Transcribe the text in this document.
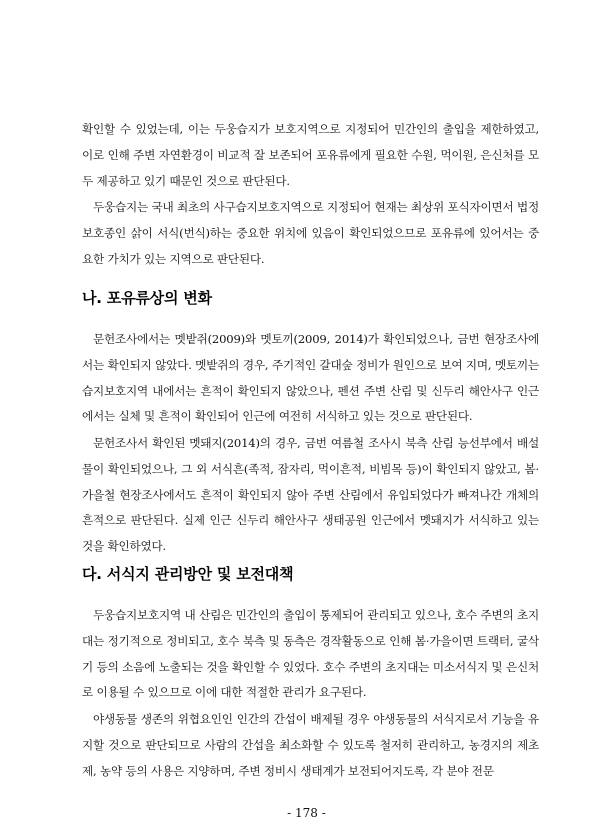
확인할 수 있었는데, 이는 두웅습지가 보호지역으로 지정되어 민간인의 출입을 제한하였고, 이로 인해 주변 자연환경이 비교적 잘 보존되어 포유류에게 필요한 수원, 먹이원, 은신처를 모두 제공하고 있기 때문인 것으로 판단된다.

두웅습지는 국내 최초의 사구습지보호지역으로 지정되어 현재는 최상위 포식자이면서 법정보호종인 삵이 서식(번식)하는 중요한 위치에 있음이 확인되었으므로 포유류에 있어서는 중요한 가치가 있는 지역으로 판단된다.

나. 포유류상의 변화

문헌조사에서는 멧밭쥐(2009)와 멧토끼(2009, 2014)가 확인되었으나, 금번 현장조사에서는 확인되지 않았다. 멧밭쥐의 경우, 주기적인 갈대숲 정비가 원인으로 보여 지며, 멧토끼는 습지보호지역 내에서는 흔적이 확인되지 않았으나, 펜션 주변 산림 및 신두리 해안사구 인근에서는 실체 및 흔적이 확인되어 인근에 여전히 서식하고 있는 것으로 판단된다.

문헌조사서 확인된 멧돼지(2014)의 경우, 금번 여름철 조사시 북측 산림 능선부에서 배설물이 확인되었으나, 그 외 서식흔(족적, 잠자리, 먹이흔적, 비빔목 등)이 확인되지 않았고, 봄·가을철 현장조사에서도 흔적이 확인되지 않아 주변 산림에서 유입되었다가 빠져나간 개체의 흔적으로 판단된다. 실제 인근 신두리 해안사구 생태공원 인근에서 멧돼지가 서식하고 있는 것을 확인하였다.

다. 서식지 관리방안 및 보전대책

두웅습지보호지역 내 산림은 민간인의 출입이 통제되어 관리되고 있으나, 호수 주변의 초지대는 정기적으로 정비되고, 호수 북측 및 동측은 경작활동으로 인해 봄·가을이면 트랙터, 굴삭기 등의 소음에 노출되는 것을 확인할 수 있었다. 호수 주변의 초지대는 미소서식지 및 은신처로 이용될 수 있으므로 이에 대한 적절한 관리가 요구된다.

야생동물 생존의 위협요인인 인간의 간섭이 배제될 경우 야생동물의 서식지로서 기능을 유지할 것으로 판단되므로 사람의 간섭을 최소화할 수 있도록 철저히 관리하고, 농경지의 제초제, 농약 등의 사용은 지양하며, 주변 정비시 생태계가 보전되어지도록, 각 분야 전문

- 178 -
